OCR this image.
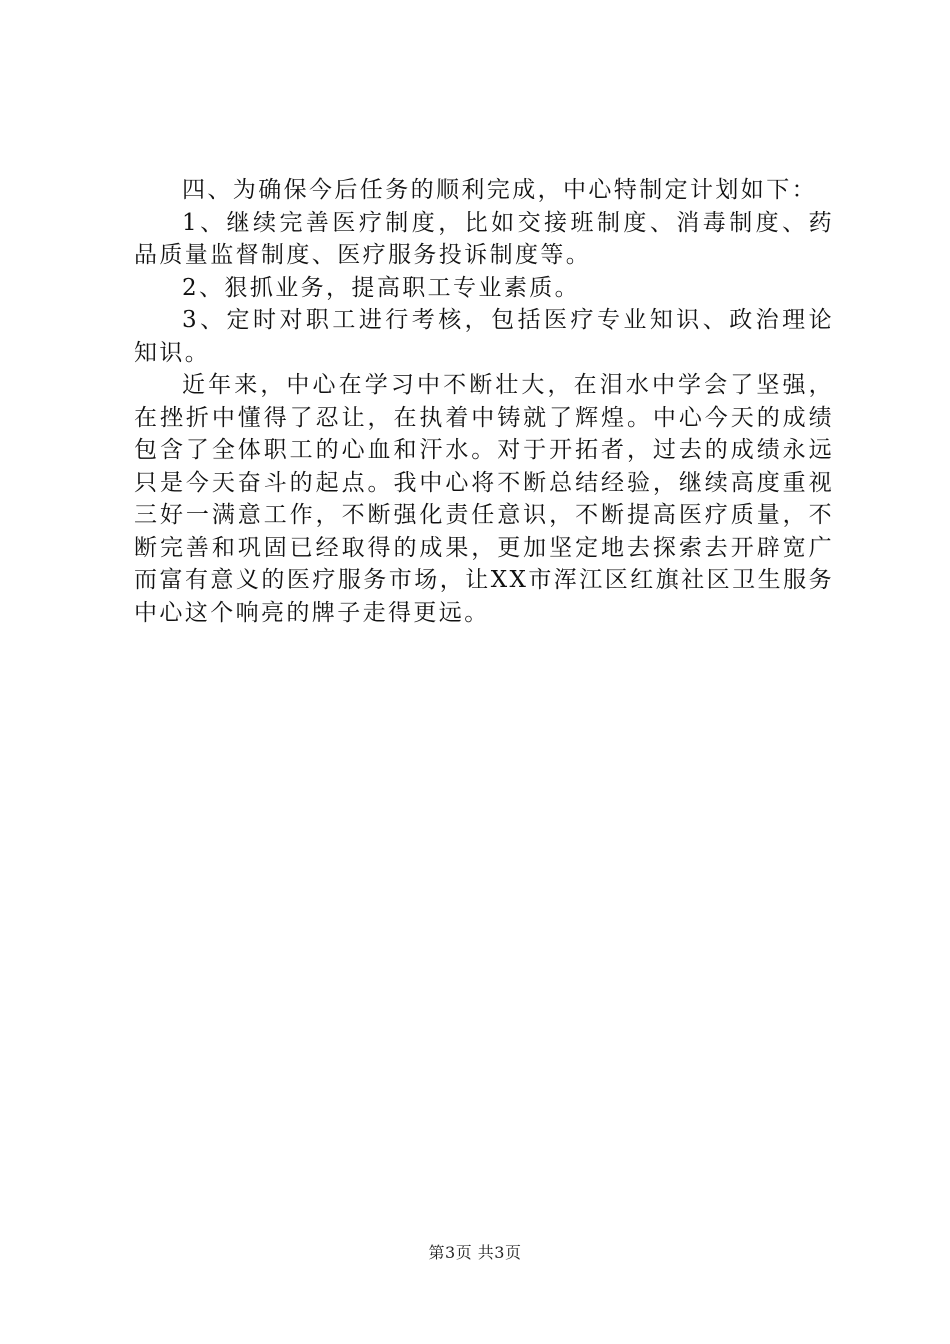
四、为确保今后任务的顺利完成，中心特制定计划如下：

1、继续完善医疗制度，比如交接班制度、消毒制度、药品质量监督制度、医疗服务投诉制度等。

2、狠抓业务，提高职工专业素质。

3、定时对职工进行考核，包括医疗专业知识、政治理论知识。

近年来，中心在学习中不断壮大，在泪水中学会了坚强，在挫折中懂得了忍让，在执着中铸就了辉煌。中心今天的成绩包含了全体职工的心血和汗水。对于开拓者，过去的成绩永远只是今天奋斗的起点。我中心将不断总结经验，继续高度重视三好一满意工作，不断强化责任意识，不断提高医疗质量，不断完善和巩固已经取得的成果，更加坚定地去探索去开辟宽广而富有意义的医疗服务市场，让XX市浑江区红旗社区卫生服务中心这个响亮的牌子走得更远。

第3页 共3页
